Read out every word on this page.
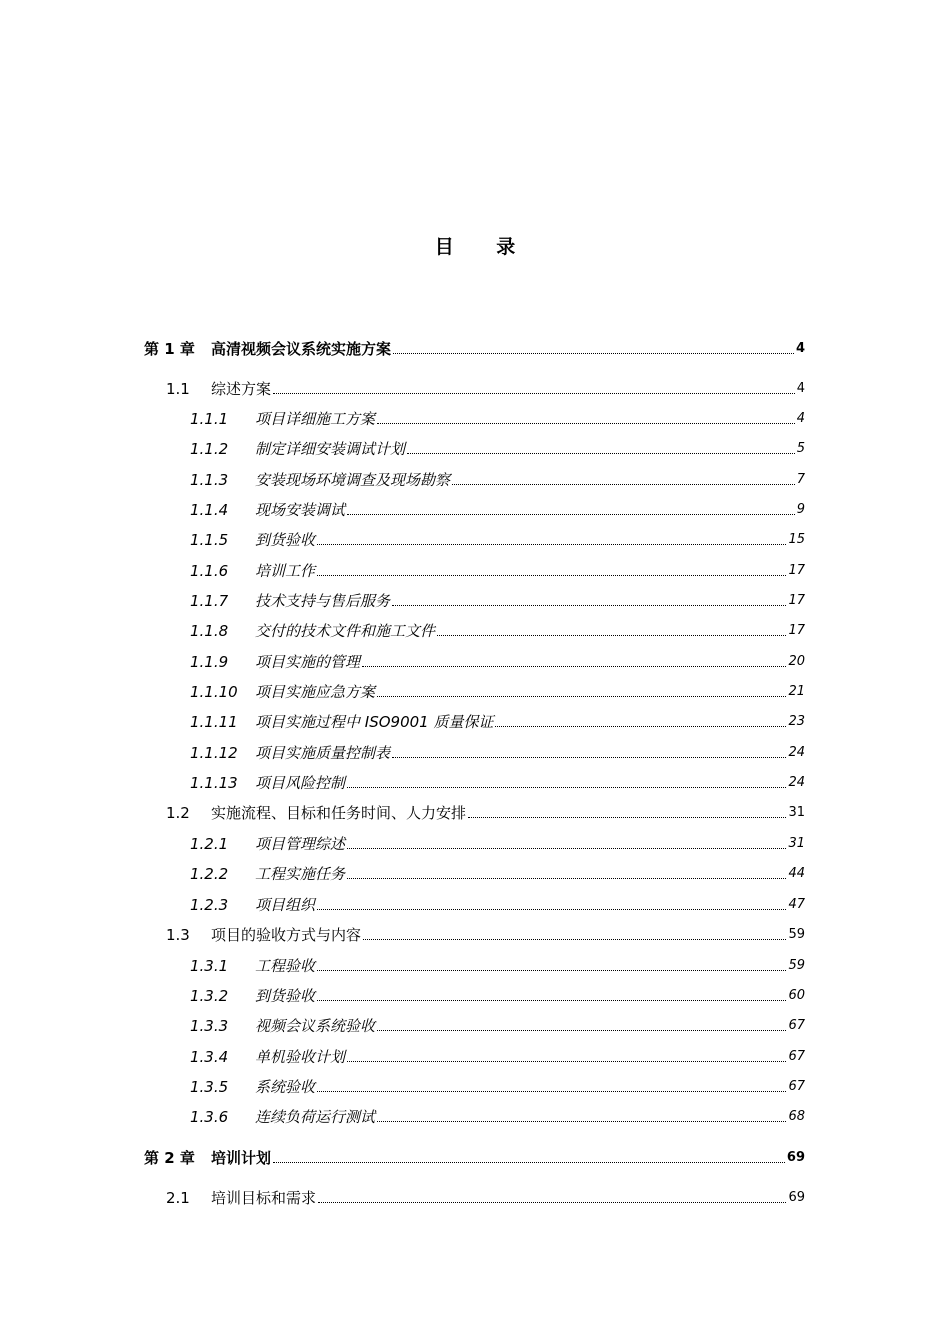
目 录
第 1 章 高清视频会议系统实施方案	4
1.1 综述方案	4
1.1.1 项目详细施工方案	4
1.1.2 制定详细安装调试计划	5
1.1.3 安装现场环境调查及现场勘察	7
1.1.4 现场安装调试	9
1.1.5 到货验收	15
1.1.6 培训工作	17
1.1.7 技术支持与售后服务	17
1.1.8 交付的技术文件和施工文件	17
1.1.9 项目实施的管理	20
1.1.10 项目实施应急方案	21
1.1.11 项目实施过程中 ISO9001 质量保证	23
1.1.12 项目实施质量控制表	24
1.1.13 项目风险控制	24
1.2 实施流程、目标和任务时间、人力安排	31
1.2.1 项目管理综述	31
1.2.2 工程实施任务	44
1.2.3 项目组织	47
1.3 项目的验收方式与内容	59
1.3.1 工程验收	59
1.3.2 到货验收	60
1.3.3 视频会议系统验收	67
1.3.4 单机验收计划	67
1.3.5 系统验收	67
1.3.6 连续负荷运行测试	68
第 2 章 培训计划	69
2.1 培训目标和需求	69
